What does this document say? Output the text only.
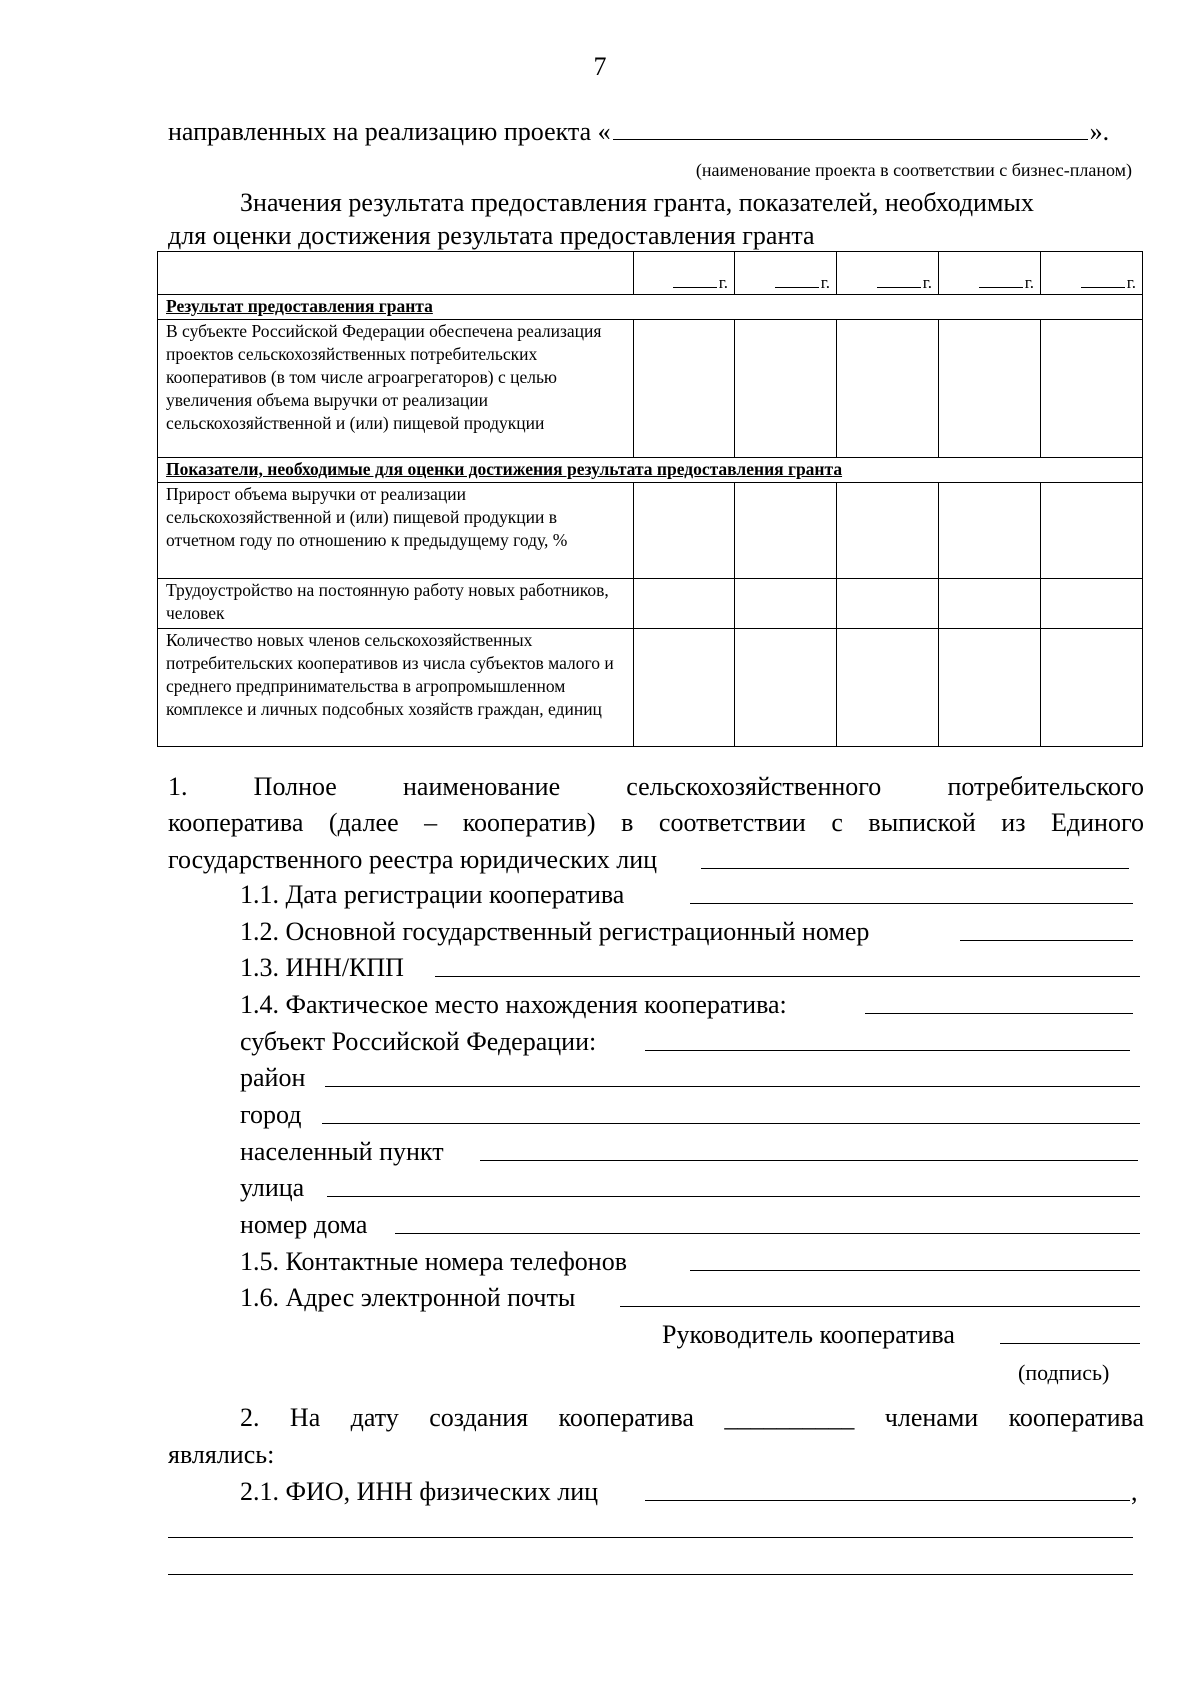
7
направленных на реализацию проекта «	».
(наименование проекта в соответствии с бизнес-планом)
Значения результата предоставления гранта, показателей, необходимых
для оценки достижения результата предоставления гранта
	г.	г.	г.	г.	г.
Результат предоставления гранта					
В субъекте Российской Федерации обеспечена реализация проектов сельскохозяйственных потребительских кооперативов (в том числе агроагрегаторов) с целью увеличения объема выручки от реализации сельскохозяйственной и (или) пищевой продукции					
Показатели, необходимые для оценки достижения результата предоставления гранта					
Прирост объема выручки от реализации сельскохозяйственной и (или) пищевой продукции в отчетном году по отношению к предыдущему году, %					
Трудоустройство на постоянную работу новых работников, человек					
Количество новых членов сельскохозяйственных потребительских кооперативов из числа субъектов малого и среднего предпринимательства в агропромышленном комплексе и личных подсобных хозяйств граждан, единиц					
1. Полное наименование сельскохозяйственного потребительского
кооператива (далее – кооператив) в соответствии с выпиской из Единого
государственного реестра юридических лиц
1.1. Дата регистрации кооператива
1.2. Основной государственный регистрационный номер
1.3. ИНН/КПП
1.4. Фактическое место нахождения кооператива:
субъект Российской Федерации:
район
город
населенный пункт
улица
номер дома
1.5. Контактные номера телефонов
1.6. Адрес электронной почты
Руководитель кооператива
(подпись)
2. На дату создания кооператива __________ членами кооператива
являлись:
2.1. ФИО, ИНН физических лиц	,
